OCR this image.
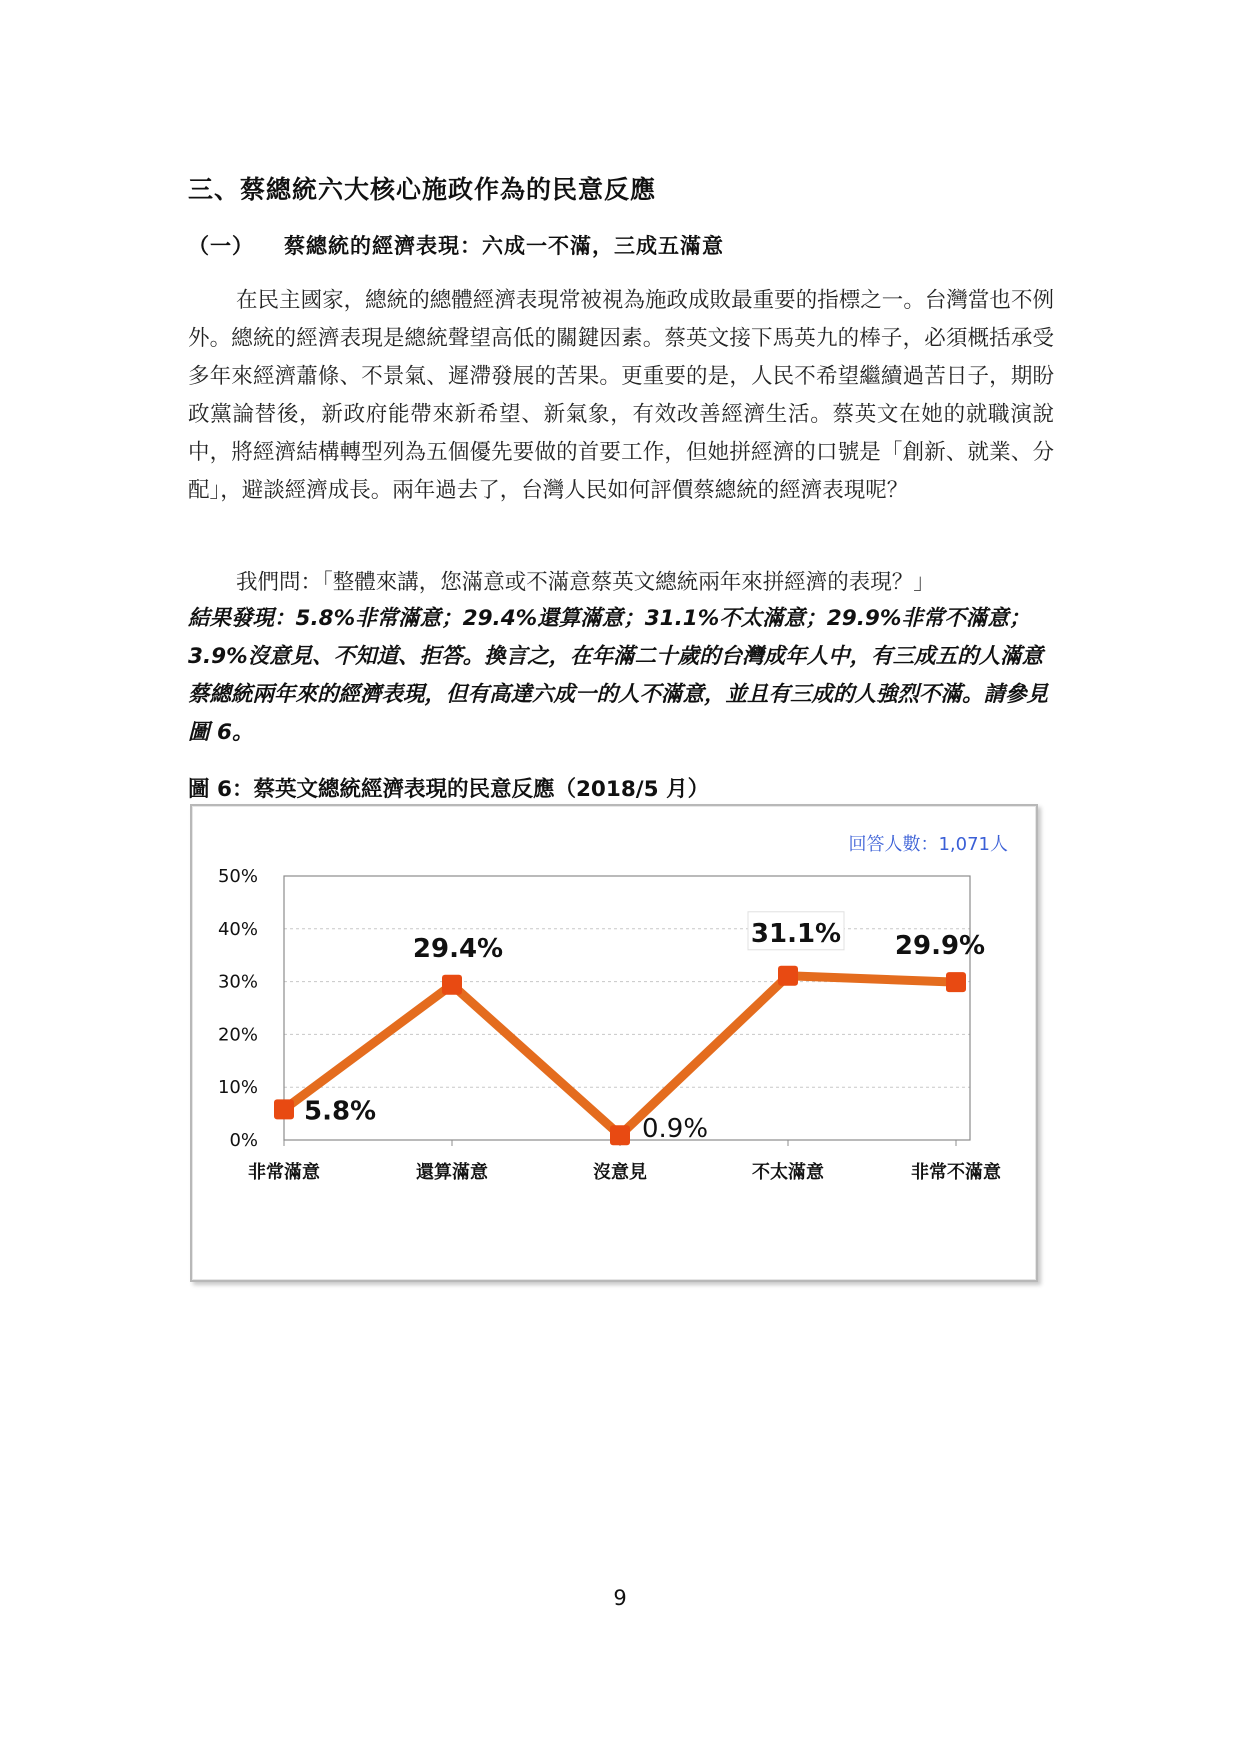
三、蔡總統六大核心施政作為的民意反應
（一） 蔡總統的經濟表現：六成一不滿，三成五滿意
在民主國家，總統的總體經濟表現常被視為施政成敗最重要的指標之一。台灣當也不例外。總統的經濟表現是總統聲望高低的關鍵因素。蔡英文接下馬英九的棒子，必須概括承受多年來經濟蕭條、不景氣、遲滯發展的苦果。更重要的是，人民不希望繼續過苦日子，期盼政黨論替後，新政府能帶來新希望、新氣象，有效改善經濟生活。蔡英文在她的就職演說中，將經濟結構轉型列為五個優先要做的首要工作，但她拼經濟的口號是「創新、就業、分配」，避談經濟成長。兩年過去了，台灣人民如何評價蔡總統的經濟表現呢？
我們問：「整體來講，您滿意或不滿意蔡英文總統兩年來拼經濟的表現？」
結果發現：5.8%非常滿意；29.4%還算滿意；31.1%不太滿意；29.9%非常不滿意；3.9%沒意見、不知道、拒答。換言之，在年滿二十歲的台灣成年人中，有三成五的人滿意蔡總統兩年來的經濟表現，但有高達六成一的人不滿意，並且有三成的人強烈不滿。請參見圖 6。
圖 6：蔡英文總統經濟表現的民意反應（2018/5 月）
回答人數：1,071人
0%
10%
20%
30%
40%
50%
非常滿意	還算滿意	沒意見	不太滿意	非常不滿意
5.8%
29.4%
0.9%
31.1% 29.9%
9
